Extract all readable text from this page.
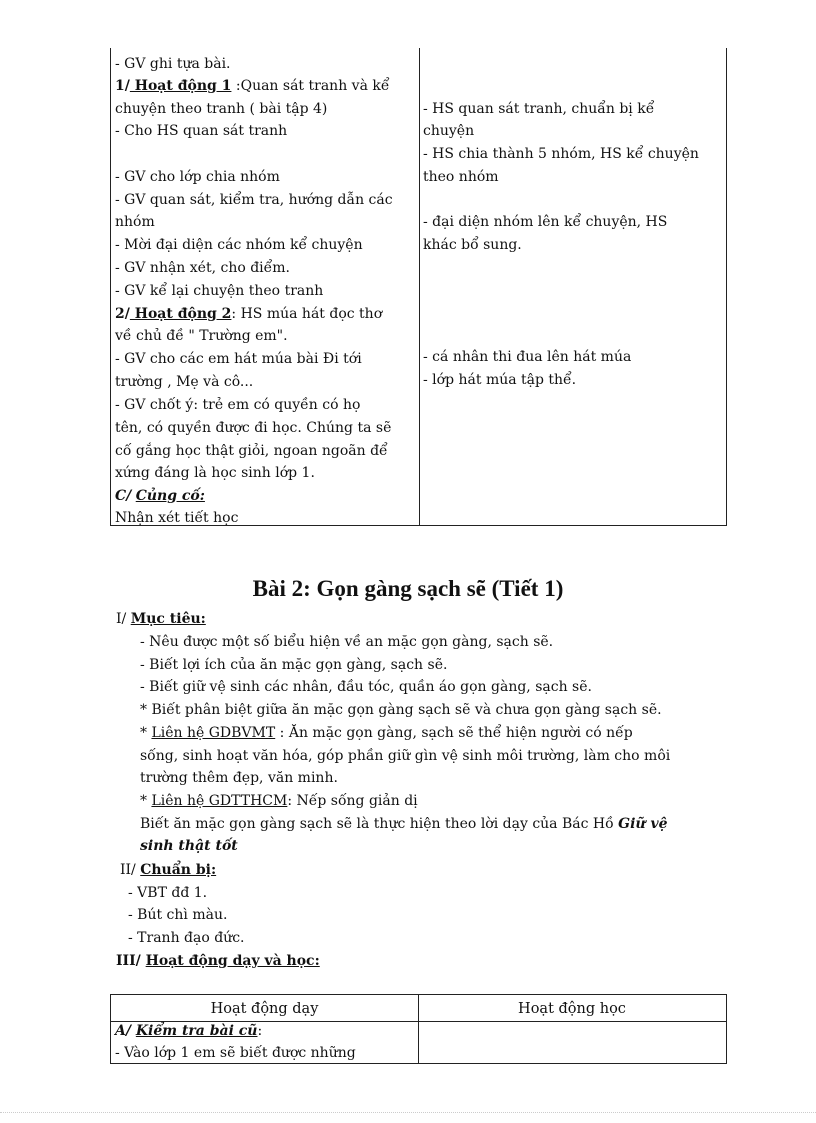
- GV ghi tựa bài.
1/ Hoạt động 1 :Quan sát tranh và kể
chuyện theo tranh ( bài tập 4)
- Cho HS quan sát tranh
- GV cho lớp chia nhóm
- GV quan sát, kiểm tra, hướng dẫn các
nhóm
- Mời đại diện các nhóm kể chuyện
- GV nhận xét, cho điểm.
- GV kể lại chuyện theo tranh
2/ Hoạt động 2: HS múa hát đọc thơ
về chủ đề " Trường em".
- GV cho các em hát múa bài Đi tới
trường , Mẹ và cô...
- GV chốt ý: trẻ em có quyền có họ
tên, có quyền được đi học. Chúng ta sẽ
cố gắng học thật giỏi, ngoan ngoãn để
xứng đáng là học sinh lớp 1.
C/ Củng cố:
Nhận xét tiết học
- HS quan sát tranh, chuẩn bị kể
chuyện
- HS chia thành 5 nhóm, HS kể chuyện
theo nhóm
- đại diện nhóm lên kể chuyện, HS
khác bổ sung.
- cá nhân thi đua lên hát múa
- lớp hát múa tập thể.
Bài 2: Gọn gàng sạch sẽ (Tiết 1)
I/ Mục tiêu:
- Nêu được một số biểu hiện về an mặc gọn gàng, sạch sẽ.
- Biết lợi ích của ăn mặc gọn gàng, sạch sẽ.
- Biết giữ vệ sinh các nhân, đầu tóc, quần áo gọn gàng, sạch sẽ.
* Biết phân biệt giữa ăn mặc gọn gàng sạch sẽ và chưa gọn gàng sạch sẽ.
* Liên hệ GDBVMT : Ăn mặc gọn gàng, sạch sẽ thể hiện người có nếp
sống, sinh hoạt văn hóa, góp phần giữ gìn vệ sinh môi trường, làm cho môi
trường thêm đẹp, văn minh.
* Liên hệ GDTTHCM: Nếp sống giản dị
Biết ăn mặc gọn gàng sạch sẽ là thực hiện theo lời dạy của Bác Hồ Giữ vệ
sinh thật tốt
II/ Chuẩn bị:
- VBT đđ 1.
- Bút chì màu.
- Tranh đạo đức.
III/ Hoạt động dạy và học:
Hoạt động dạy	Hoạt động học
A/ Kiểm tra bài cũ:
- Vào lớp 1 em sẽ biết được những
